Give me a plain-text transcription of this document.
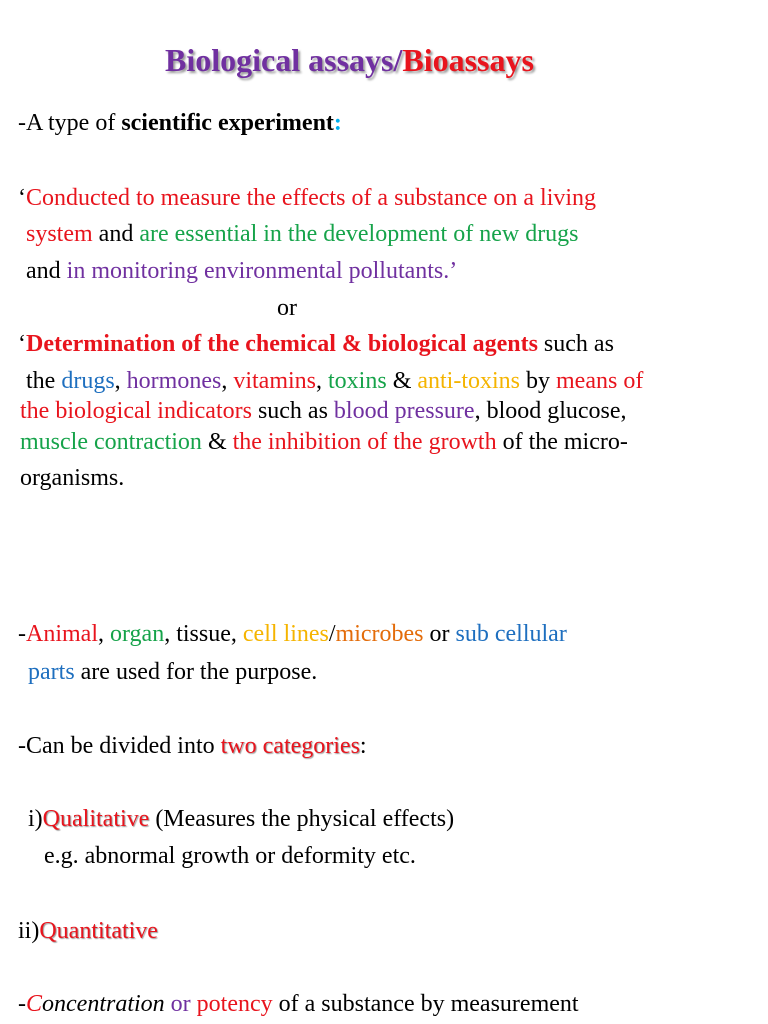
Biological assays/Bioassays
-A type of scientific experiment:
‘Conducted to measure the effects of a substance on a living
system and are essential in the development of new drugs
and in monitoring environmental pollutants.’
or
‘Determination of the chemical & biological agents such as
the drugs, hormones, vitamins, toxins & anti-toxins by means of
the biological indicators such as blood pressure, blood glucose,
muscle contraction & the inhibition of the growth of the micro-
organisms.
-Animal, organ, tissue, cell lines/microbes or sub cellular
parts are used for the purpose.
-Can be divided into two categories:
i)Qualitative (Measures the physical effects)
e.g. abnormal growth or deformity etc.
ii)Quantitative
-Concentration or potency of a substance by measurement
